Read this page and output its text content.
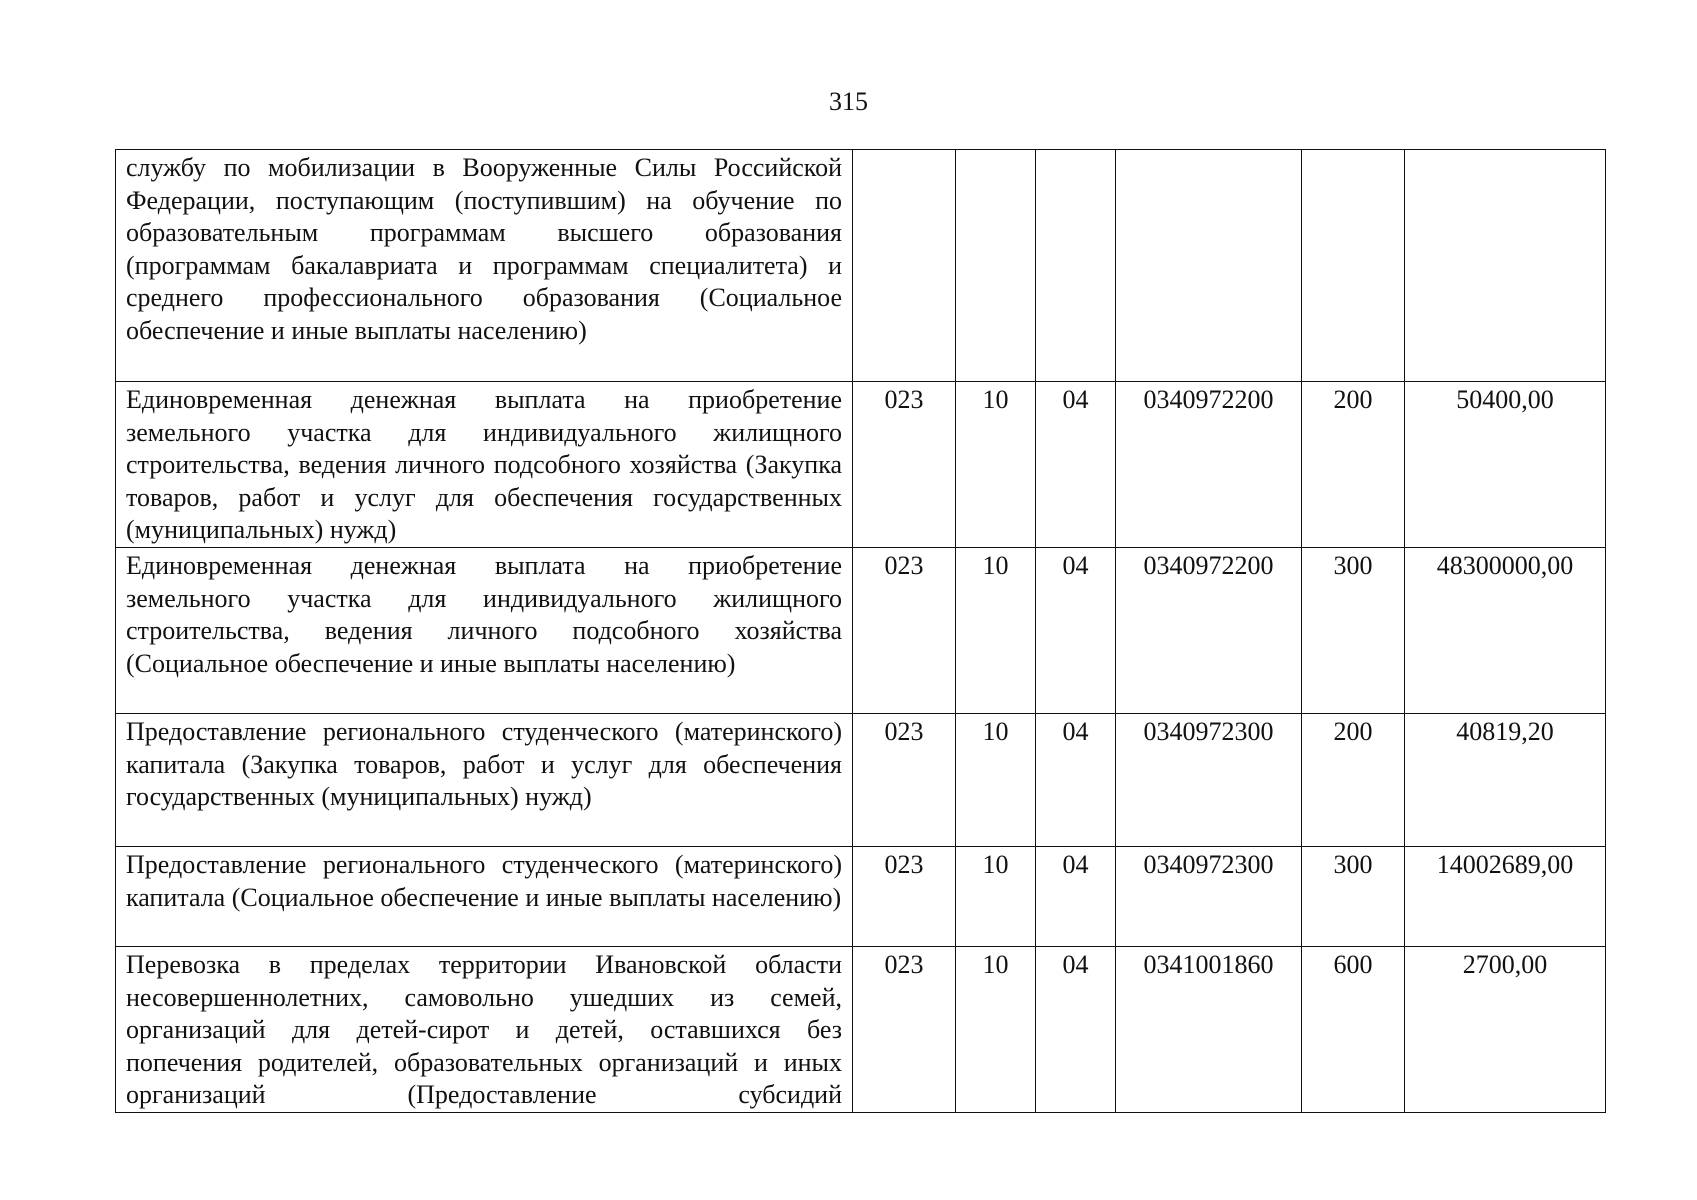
315
службу по мобилизации в Вооруженные Силы Российской Федерации, поступающим (поступившим) на обучение по образовательным программам высшего образования (программам бакалавриата и программам специалитета) и среднего профессионального образования (Социальное обеспечение и иные выплаты населению)						
Единовременная денежная выплата на приобретение земельного участка для индивидуального жилищного строительства, ведения личного подсобного хозяйства (Закупка товаров, работ и услуг для обеспечения государственных (муниципальных) нужд)	023	10	04	0340972200	200	50400,00
Единовременная денежная выплата на приобретение земельного участка для индивидуального жилищного строительства, ведения личного подсобного хозяйства (Социальное обеспечение и иные выплаты населению)	023	10	04	0340972200	300	48300000,00
Предоставление регионального студенческого (материнского) капитала (Закупка товаров, работ и услуг для обеспечения государственных (муниципальных) нужд)	023	10	04	0340972300	200	40819,20
Предоставление регионального студенческого (материнского) капитала (Социальное обеспечение и иные выплаты населению)	023	10	04	0340972300	300	14002689,00
Перевозка в пределах территории Ивановской области несовершеннолетних, самовольно ушедших из семей, организаций для детей-сирот и детей, оставшихся без попечения родителей, образовательных организаций и иных организаций (Предоставление субсидий	023	10	04	0341001860	600	2700,00
